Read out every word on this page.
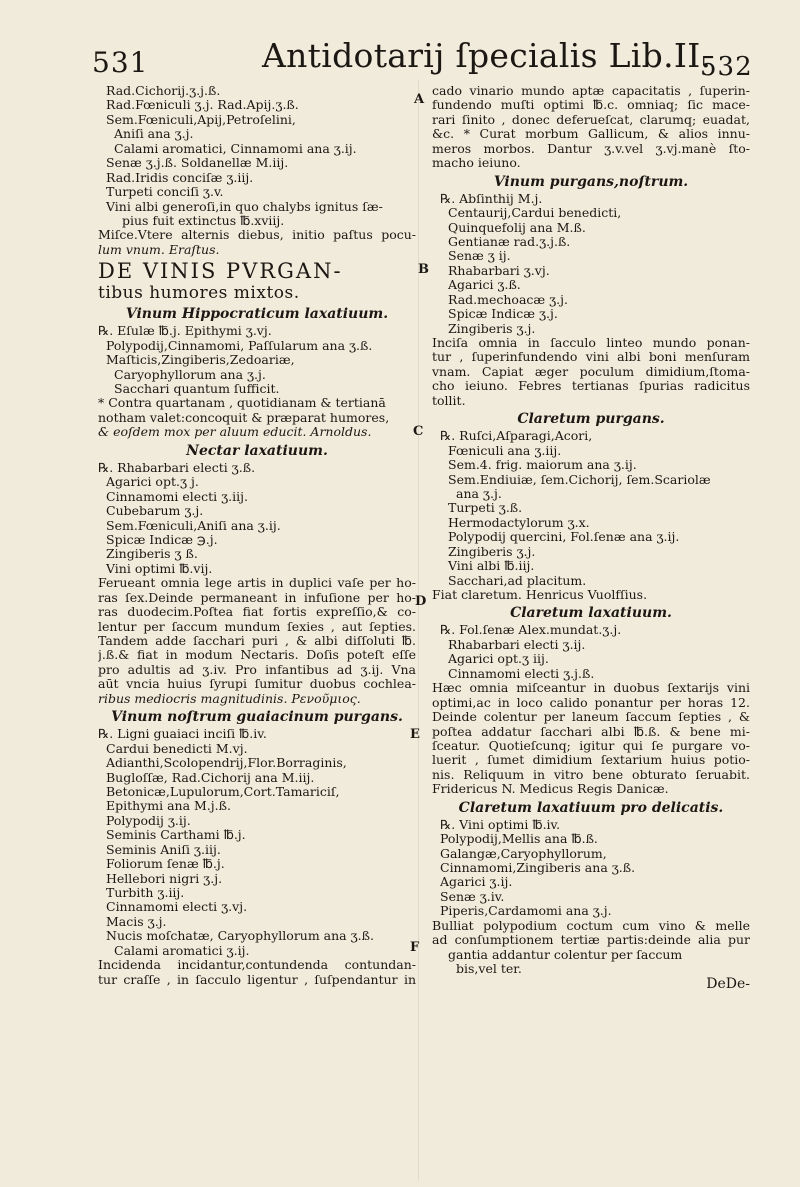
531	Antidotarij ſpecialis Lib.II.
532
A
B
C
D
E
F
Rad.Cichorij.ʒ.j.ß.
Rad.Fœniculi ʒ.j. Rad.Apij.ʒ.ß.
Sem.Fœniculi,Apij,Petroſelini,
Aniſi ana ʒ.j.
Calami aromatici, Cinnamomi ana ʒ.ij.
Senæ ʒ.j.ß. Soldanellæ M.iij.
Rad.Iridis conciſæ ʒ.iij.
Turpeti conciſi ʒ.v.
Vini albi generoſi,in quo chalybs ignitus ſæ-
pius fuit extinctus ℔.xviij.
Miſce.Vtere alternis diebus, initio paſtus pocu-
lum vnum. Eraſtus.
DE VINIS PVRGAN-
tibus humores mixtos.
Vinum Hippocraticum laxatiuum.
℞. Eſulæ ℔.j. Epithymi ʒ.vj.
Polypodij,Cinnamomi, Paſſularum ana ʒ.ß.
Maſticis,Zingiberis,Zedoariæ,
Caryophyllorum ana ʒ.j.
Sacchari quantum ſufficit.
* Contra quartanam , quotidianam & tertianā
notham valet:concoquit & præparat humores,
& eoſdem mox per aluum educit. Arnoldus.
Nectar laxatiuum.
℞. Rhabarbari electi ʒ.ß.
Agarici opt.ʒ j.
Cinnamomi electi ʒ.iij.
Cubebarum ʒ.j.
Sem.Fœniculi,Aniſi ana ʒ.ij.
Spicæ Indicæ ℈.j.
Zingiberis ʒ ß.
Vini optimi ℔.vij.
Ferueant omnia lege artis in duplici vaſe per ho-
ras ſex.Deinde permaneant in infuſione per ho-
ras duodecim.Poſtea fiat fortis expreſſio,& co-
lentur per ſaccum mundum ſexies , aut ſepties.
Tandem adde ſacchari puri , & albi diſſoluti ℔.
j.ß.& fiat in modum Nectaris. Doſis poteſt eſſe
pro adultis ad ʒ.iv. Pro infantibus ad ʒ.ij. Vna
aūt vncia huius ſyrupi ſumitur duobus cochlea-
ribus mediocris magnitudinis. Ρενοῦμιος.
Vinum noſtrum guaiacinum purgans.
℞. Ligni guaiaci inciſi ℔.iv.
Cardui benedicti M.vj.
Adianthi,Scolopendrij,Flor.Borraginis,
Bugloſſæ, Rad.Cichorij ana M.iij.
Betonicæ,Lupulorum,Cort.Tamariciſ,
Epithymi ana M.j.ß.
Polypodij ʒ.ij.
Seminis Carthami ℔.j.
Seminis Aniſi ʒ.iij.
Foliorum ſenæ ℔.j.
Hellebori nigri ʒ.j.
Turbith ʒ.iij.
Cinnamomi electi ʒ.vj.
Macis ʒ.j.
Nucis moſchatæ, Caryophyllorum ana ʒ.ß.
Calami aromatici ʒ.ij.
Incidenda incidantur,contundenda contundan-
tur craſſe , in ſacculo ligentur , ſuſpendantur in
cado vinario mundo aptæ capacitatis , ſuperin-
fundendo muſti optimi ℔.c. omniaq; ſic mace-
rari ſinito , donec deferueſcat, clarumq; euadat,
&c. * Curat morbum Gallicum, & alios innu-
meros morbos. Dantur ʒ.v.vel ʒ.vj.manè ſto-
macho ieiuno.
Vinum purgans,noſtrum.
℞. Abſinthij M.j.
Centaurij,Cardui benedicti,
Quinquefolij ana M.ß.
Gentianæ rad.ʒ.j.ß.
Senæ ʒ ij.
Rhabarbari ʒ.vj.
Agarici ʒ.ß.
Rad.mechoacæ ʒ.j.
Spicæ Indicæ ʒ.j.
Zingiberis ʒ.j.
Inciſa omnia in ſacculo linteo mundo ponan-
tur , ſuperinfundendo vini albi boni menſuram
vnam. Capiat æger poculum dimidium,ſtoma-
cho ieiuno. Febres tertianas ſpurias radicitus
tollit.
Claretum purgans.
℞. Ruſci,Aſparagi,Acori,
Fœniculi ana ʒ.iij.
Sem.4. frig. maiorum ana ʒ.ij.
Sem.Endiuiæ, ſem.Cichorij, ſem.Scariolæ
ana ʒ.j.
Turpeti ʒ.ß.
Hermodactylorum ʒ.x.
Polypodij quercini, Fol.ſenæ ana ʒ.ij.
Zingiberis ʒ.j.
Vini albi ℔.iij.
Sacchari,ad placitum.
Fiat claretum. Henricus Vuolfſius.
Claretum laxatiuum.
℞. Fol.ſenæ Alex.mundat.ʒ.j.
Rhabarbari electi ʒ.ij.
Agarici opt.ʒ iij.
Cinnamomi electi ʒ.j.ß.
Hæc omnia miſceantur in duobus ſextarijs vini
optimi,ac in loco calido ponantur per horas 12.
Deinde colentur per laneum ſaccum ſepties , &
poſtea addatur ſacchari albi ℔.ß. & bene mi-
ſceatur. Quotieſcunq; igitur qui ſe purgare vo-
luerit , ſumet dimidium ſextarium huius potio-
nis. Reliquum in vitro bene obturato ſeruabit.
Fridericus N. Medicus Regis Danicæ.
Claretum laxatiuum pro delicatis.
℞. Vini optimi ℔.iv.
Polypodij,Mellis ana ℔.ß.
Galangæ,Caryophyllorum,
Cinnamomi,Zingiberis ana ʒ.ß.
Agarici ʒ.ij.
Senæ ʒ.iv.
Piperis,Cardamomi ana ʒ.j.
Bulliat polypodium coctum cum vino & melle
ad conſumptionem tertiæ partis:deinde alia pur
gantia addantur colentur per ſaccum
bis,vel ter.
DeDe-
